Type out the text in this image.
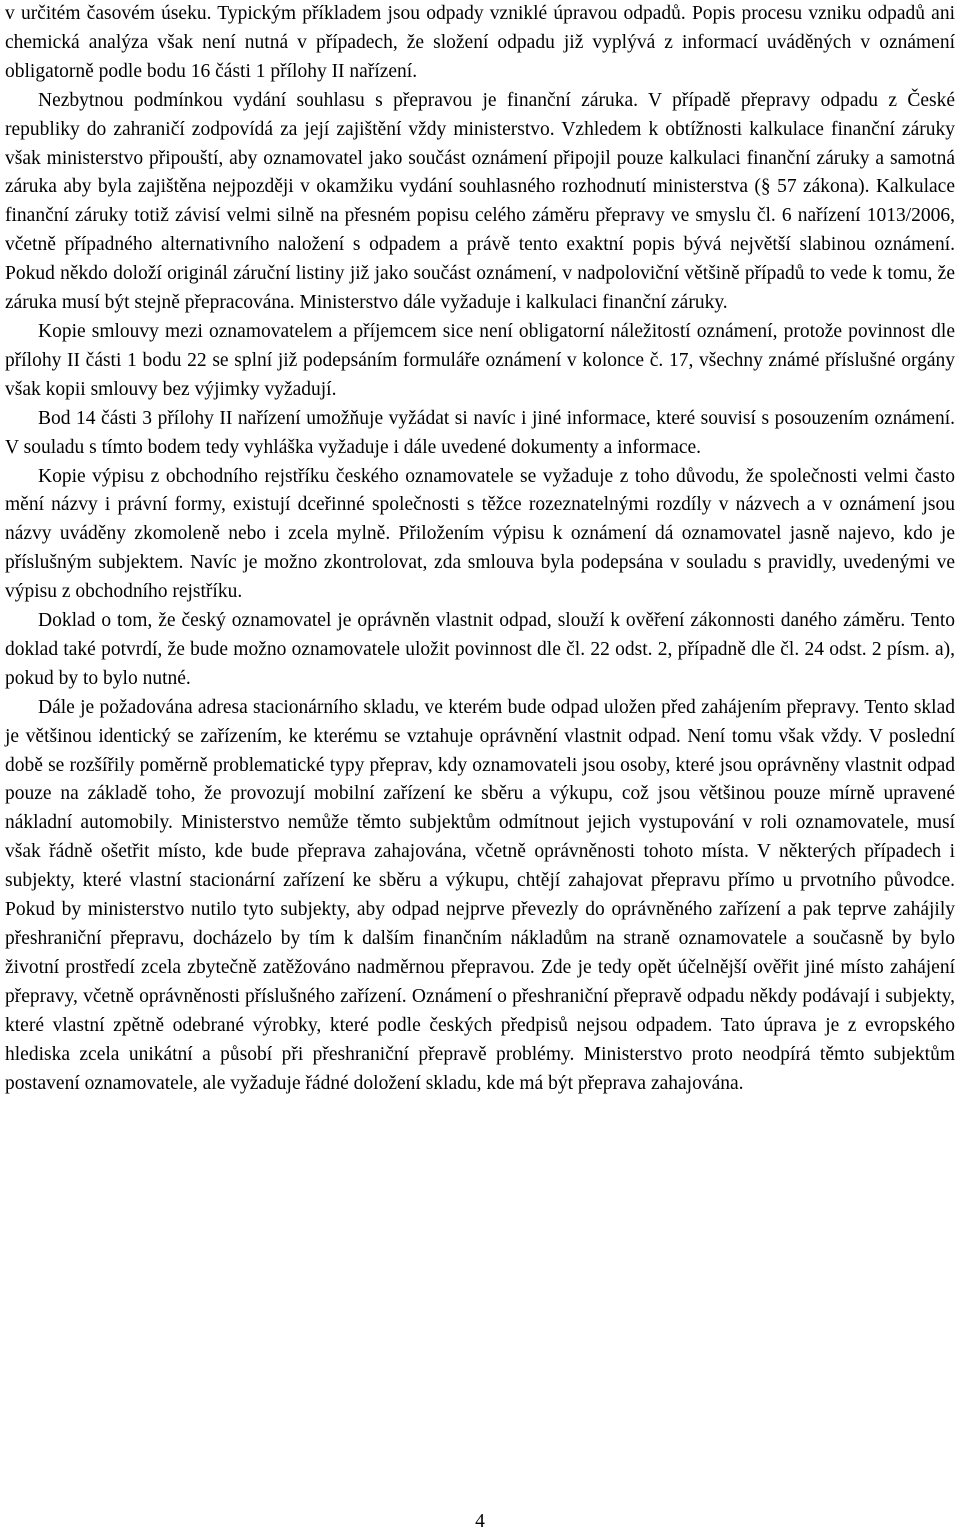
v určitém časovém úseku. Typickým příkladem jsou odpady vzniklé úpravou odpadů. Popis procesu vzniku odpadů ani chemická analýza však není nutná v případech, že složení odpadu již vyplývá z informací uváděných v oznámení obligatorně podle bodu 16 části 1 přílohy II nařízení.

Nezbytnou podmínkou vydání souhlasu s přepravou je finanční záruka. V případě přepravy odpadu z České republiky do zahraničí zodpovídá za její zajištění vždy ministerstvo. Vzhledem k obtížnosti kalkulace finanční záruky však ministerstvo připouští, aby oznamovatel jako součást oznámení připojil pouze kalkulaci finanční záruky a samotná záruka aby byla zajištěna nejpozději v okamžiku vydání souhlasného rozhodnutí ministerstva (§ 57 zákona). Kalkulace finanční záruky totiž závisí velmi silně na přesném popisu celého záměru přepravy ve smyslu čl. 6 nařízení 1013/2006, včetně případného alternativního naložení s odpadem a právě tento exaktní popis bývá největší slabinou oznámení. Pokud někdo doloží originál záruční listiny již jako součást oznámení, v nadpoloviční většině případů to vede k tomu, že záruka musí být stejně přepracována. Ministerstvo dále vyžaduje i kalkulaci finanční záruky.

Kopie smlouvy mezi oznamovatelem a příjemcem sice není obligatorní náležitostí oznámení, protože povinnost dle přílohy II části 1 bodu 22 se splní již podepsáním formuláře oznámení v kolonce č. 17, všechny známé příslušné orgány však kopii smlouvy bez výjimky vyžadují.

Bod 14 části 3 přílohy II nařízení umožňuje vyžádat si navíc i jiné informace, které souvisí s posouzením oznámení. V souladu s tímto bodem tedy vyhláška vyžaduje i dále uvedené dokumenty a informace.

Kopie výpisu z obchodního rejstříku českého oznamovatele se vyžaduje z toho důvodu, že společnosti velmi často mění názvy i právní formy, existují dceřinné společnosti s těžce rozeznatelnými rozdíly v názvech a v oznámení jsou názvy uváděny zkomoleně nebo i zcela mylně. Přiložením výpisu k oznámení dá oznamovatel jasně najevo, kdo je příslušným subjektem. Navíc je možno zkontrolovat, zda smlouva byla podepsána v souladu s pravidly, uvedenými ve výpisu z obchodního rejstříku.

Doklad o tom, že český oznamovatel je oprávněn vlastnit odpad, slouží k ověření zákonnosti daného záměru. Tento doklad také potvrdí, že bude možno oznamovatele uložit povinnost dle čl. 22 odst. 2, případně dle čl. 24 odst. 2 písm. a), pokud by to bylo nutné.

Dále je požadována adresa stacionárního skladu, ve kterém bude odpad uložen před zahájením přepravy. Tento sklad je většinou identický se zařízením, ke kterému se vztahuje oprávnění vlastnit odpad. Není tomu však vždy. V poslední době se rozšířily poměrně problematické typy přeprav, kdy oznamovateli jsou osoby, které jsou oprávněny vlastnit odpad pouze na základě toho, že provozují mobilní zařízení ke sběru a výkupu, což jsou většinou pouze mírně upravené nákladní automobily. Ministerstvo nemůže těmto subjektům odmítnout jejich vystupování v roli oznamovatele, musí však řádně ošetřit místo, kde bude přeprava zahajována, včetně oprávněnosti tohoto místa. V některých případech i subjekty, které vlastní stacionární zařízení ke sběru a výkupu, chtějí zahajovat přepravu přímo u prvotního původce. Pokud by ministerstvo nutilo tyto subjekty, aby odpad nejprve převezly do oprávněného zařízení a pak teprve zahájily přeshraniční přepravu, docházelo by tím k dalším finančním nákladům na straně oznamovatele a současně by bylo životní prostředí zcela zbytečně zatěžováno nadměrnou přepravou. Zde je tedy opět účelnější ověřit jiné místo zahájení přepravy, včetně oprávněnosti příslušného zařízení. Oznámení o přeshraniční přepravě odpadu někdy podávají i subjekty, které vlastní zpětně odebrané výrobky, které podle českých předpisů nejsou odpadem. Tato úprava je z evropského hlediska zcela unikátní a působí při přeshraniční přepravě problémy. Ministerstvo proto neodpírá těmto subjektům postavení oznamovatele, ale vyžaduje řádné doložení skladu, kde má být přeprava zahajována.

4
